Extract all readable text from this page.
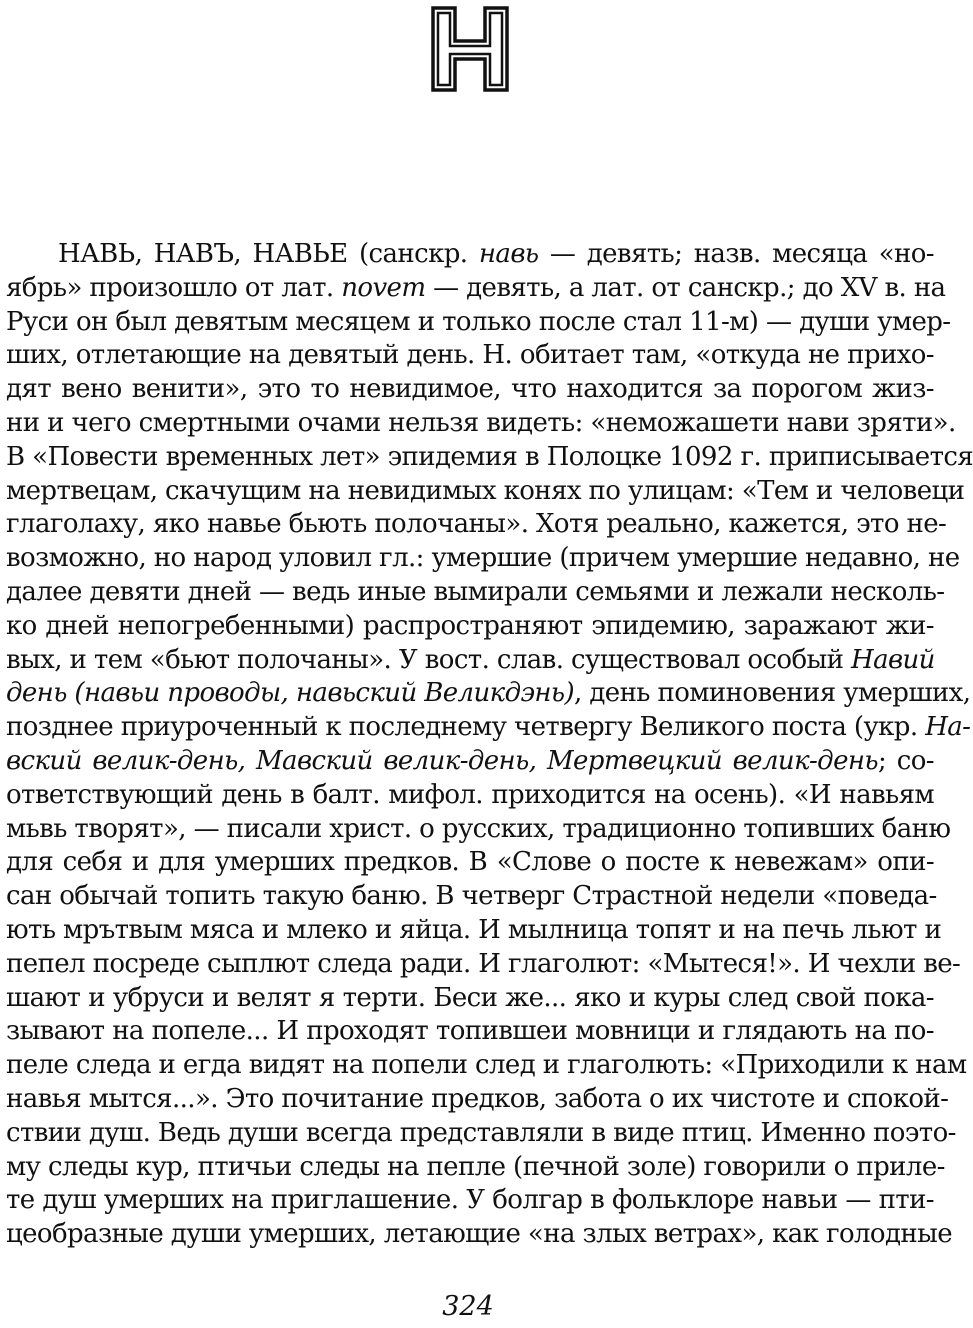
НАВЬ, НАВЪ, НАВЬЕ (санскр. навь — девять; назв. месяца «но-
ябрь» произошло от лат. novem — девять, а лат. от санскр.; до XV в. на
Руси он был девятым месяцем и только после стал 11-м) — души умер-
ших, отлетающие на девятый день. Н. обитает там, «откуда не прихо-
дят вено венити», это то невидимое, что находится за порогом жиз-
ни и чего смертными очами нельзя видеть: «неможашети нави зряти».
В «Повести временных лет» эпидемия в Полоцке 1092 г. приписывается
мертвецам, скачущим на невидимых конях по улицам: «Тем и человеци
глаголаху, яко навье бьють полочаны». Хотя реально, кажется, это не-
возможно, но народ уловил гл.: умершие (причем умершие недавно, не
далее девяти дней — ведь иные вымирали семьями и лежали несколь-
ко дней непогребенными) распространяют эпидемию, заражают жи-
вых, и тем «бьют полочаны». У вост. слав. существовал особый Навий
день (навьи проводы, навьский Великдэнь), день поминовения умерших,
позднее приуроченный к последнему четвергу Великого поста (укр. На-
вский велик-день, Мавский велик-день, Мертвецкий велик-день; со-
ответствующий день в балт. мифол. приходится на осень). «И навьям
мьвь творят», — писали христ. о русских, традиционно топивших баню
для себя и для умерших предков. В «Слове о посте к невежам» опи-
сан обычай топить такую баню. В четверг Страстной недели «поведа-
ють мрътвым мяса и млеко и яйца. И мылница топят и на печь льют и
пепел посреде сыплют следа ради. И глаголют: «Мытеся!». И чехли ве-
шают и убруси и велят я терти. Беси же... яко и куры след свой пока-
зывают на попеле... И проходят топившеи мовници и глядають на по-
пеле следа и егда видят на попели след и глаголють: «Приходили к нам
навья мытся...». Это почитание предков, забота о их чистоте и спокой-
ствии душ. Ведь души всегда представляли в виде птиц. Именно поэто-
му следы кур, птичьи следы на пепле (печной золе) говорили о приле-
те душ умерших на приглашение. У болгар в фольклоре навьи — пти-
цеобразные души умерших, летающие «на злых ветрах», как голодные
324
